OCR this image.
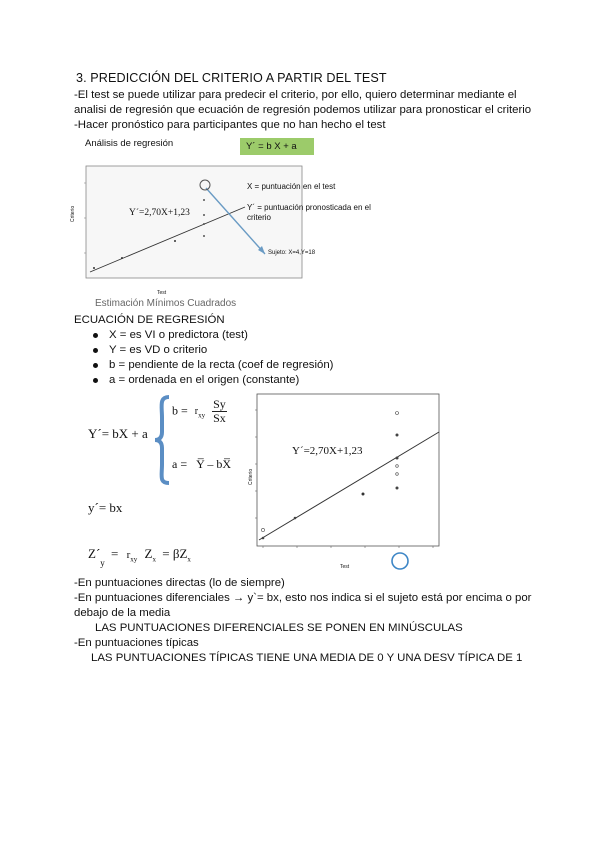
3. PREDICCIÓN DEL CRITERIO A PARTIR DEL TEST
-El test se puede utilizar para predecir el criterio, por ello, quiero determinar mediante el
analisi de regresión que ecuación de regresión podemos utilizar para pronosticar el criterio
-Hacer pronóstico para participantes que no han hecho el test
Análisis de regresión	Y´ = b X + a
Y´=2,70X+1,23
Criterio
Test
X = puntuación en el test
Y´ = puntuación pronosticada en el
criterio
Sujeto: X=4,Y=18
Estimación Mínimos Cuadrados
ECUACIÓN DE REGRESIÓN
X = es VI o predictora (test)
Y = es VD o criterio
b = pendiente de la recta (coef de regresión)
a = ordenada en el origen (constante)
Y´= bX + a
$b = r_{xy} \frac{Sy}{Sx}$
a = Y̅ – bX̅
y´= bx
$Z´_y = r_{xy}$ $Z_x = \beta Z_x$
Y´=2,70X+1,23
Criterio
Test
-En puntuaciones directas (lo de siempre)
-En puntuaciones diferenciales → y`= bx, esto nos indica si el sujeto está por encima o por
debajo de la media
LAS PUNTUACIONES DIFERENCIALES SE PONEN EN MINÚSCULAS
-En puntuaciones típicas
LAS PUNTUACIONES TÍPICAS TIENE UNA MEDIA DE 0 Y UNA DESV TÍPICA DE 1
